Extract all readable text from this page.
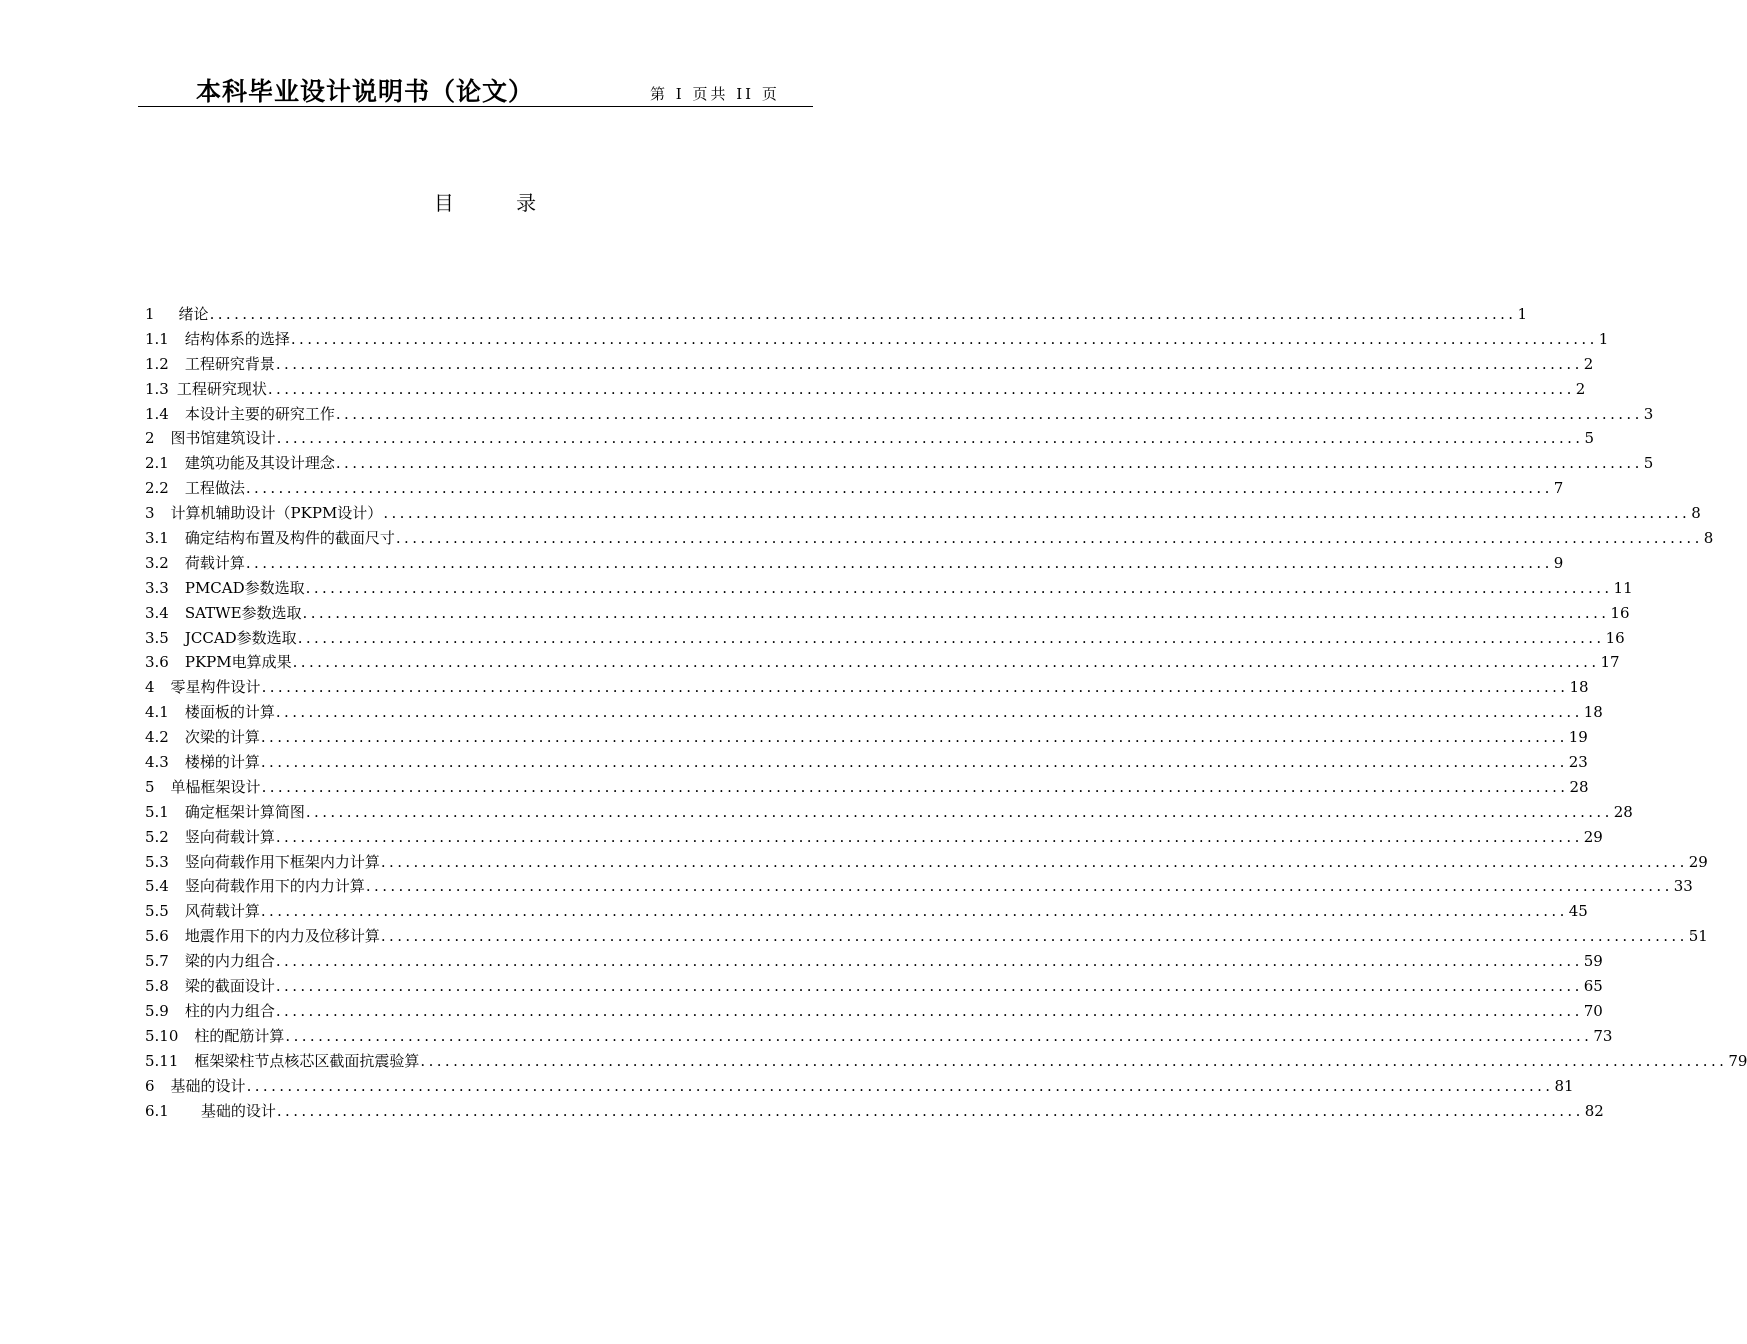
本科毕业设计说明书（论文）	第 I 页共 II 页
目 录
1 绪论 ................................................................................................................................................................ 1
1.1 结构体系的选择 ................................................................................................................................................................ 1
1.2 工程研究背景 ................................................................................................................................................................ 2
1.3 工程研究现状 ................................................................................................................................................................ 2
1.4 本设计主要的研究工作 ................................................................................................................................................................ 3
2 图书馆建筑设计 ................................................................................................................................................................ 5
2.1 建筑功能及其设计理念 ................................................................................................................................................................ 5
2.2 工程做法 ................................................................................................................................................................ 7
3 计算机辅助设计（PKPM设计） ................................................................................................................................................................ 8
3.1 确定结构布置及构件的截面尺寸 ................................................................................................................................................................ 8
3.2 荷载计算 ................................................................................................................................................................ 9
3.3 PMCAD参数选取 ................................................................................................................................................................ 11
3.4 SATWE参数选取 ................................................................................................................................................................ 16
3.5 JCCAD参数选取 ................................................................................................................................................................ 16
3.6 PKPM电算成果 ................................................................................................................................................................ 17
4 零星构件设计 ................................................................................................................................................................ 18
4.1 楼面板的计算 ................................................................................................................................................................ 18
4.2 次梁的计算 ................................................................................................................................................................ 19
4.3 楼梯的计算 ................................................................................................................................................................ 23
5 单榀框架设计 ................................................................................................................................................................ 28
5.1 确定框架计算简图 ................................................................................................................................................................ 28
5.2 竖向荷载计算 ................................................................................................................................................................ 29
5.3 竖向荷载作用下框架内力计算 ................................................................................................................................................................ 29
5.4 竖向荷载作用下的内力计算 ................................................................................................................................................................ 33
5.5 风荷载计算 ................................................................................................................................................................ 45
5.6 地震作用下的内力及位移计算 ................................................................................................................................................................ 51
5.7 梁的内力组合 ................................................................................................................................................................ 59
5.8 梁的截面设计 ................................................................................................................................................................ 65
5.9 柱的内力组合 ................................................................................................................................................................ 70
5.10 柱的配筋计算 ................................................................................................................................................................ 73
5.11 框架梁柱节点核芯区截面抗震验算 ................................................................................................................................................................ 79
6 基础的设计 ................................................................................................................................................................ 81
6.1 基础的设计 ................................................................................................................................................................ 82
